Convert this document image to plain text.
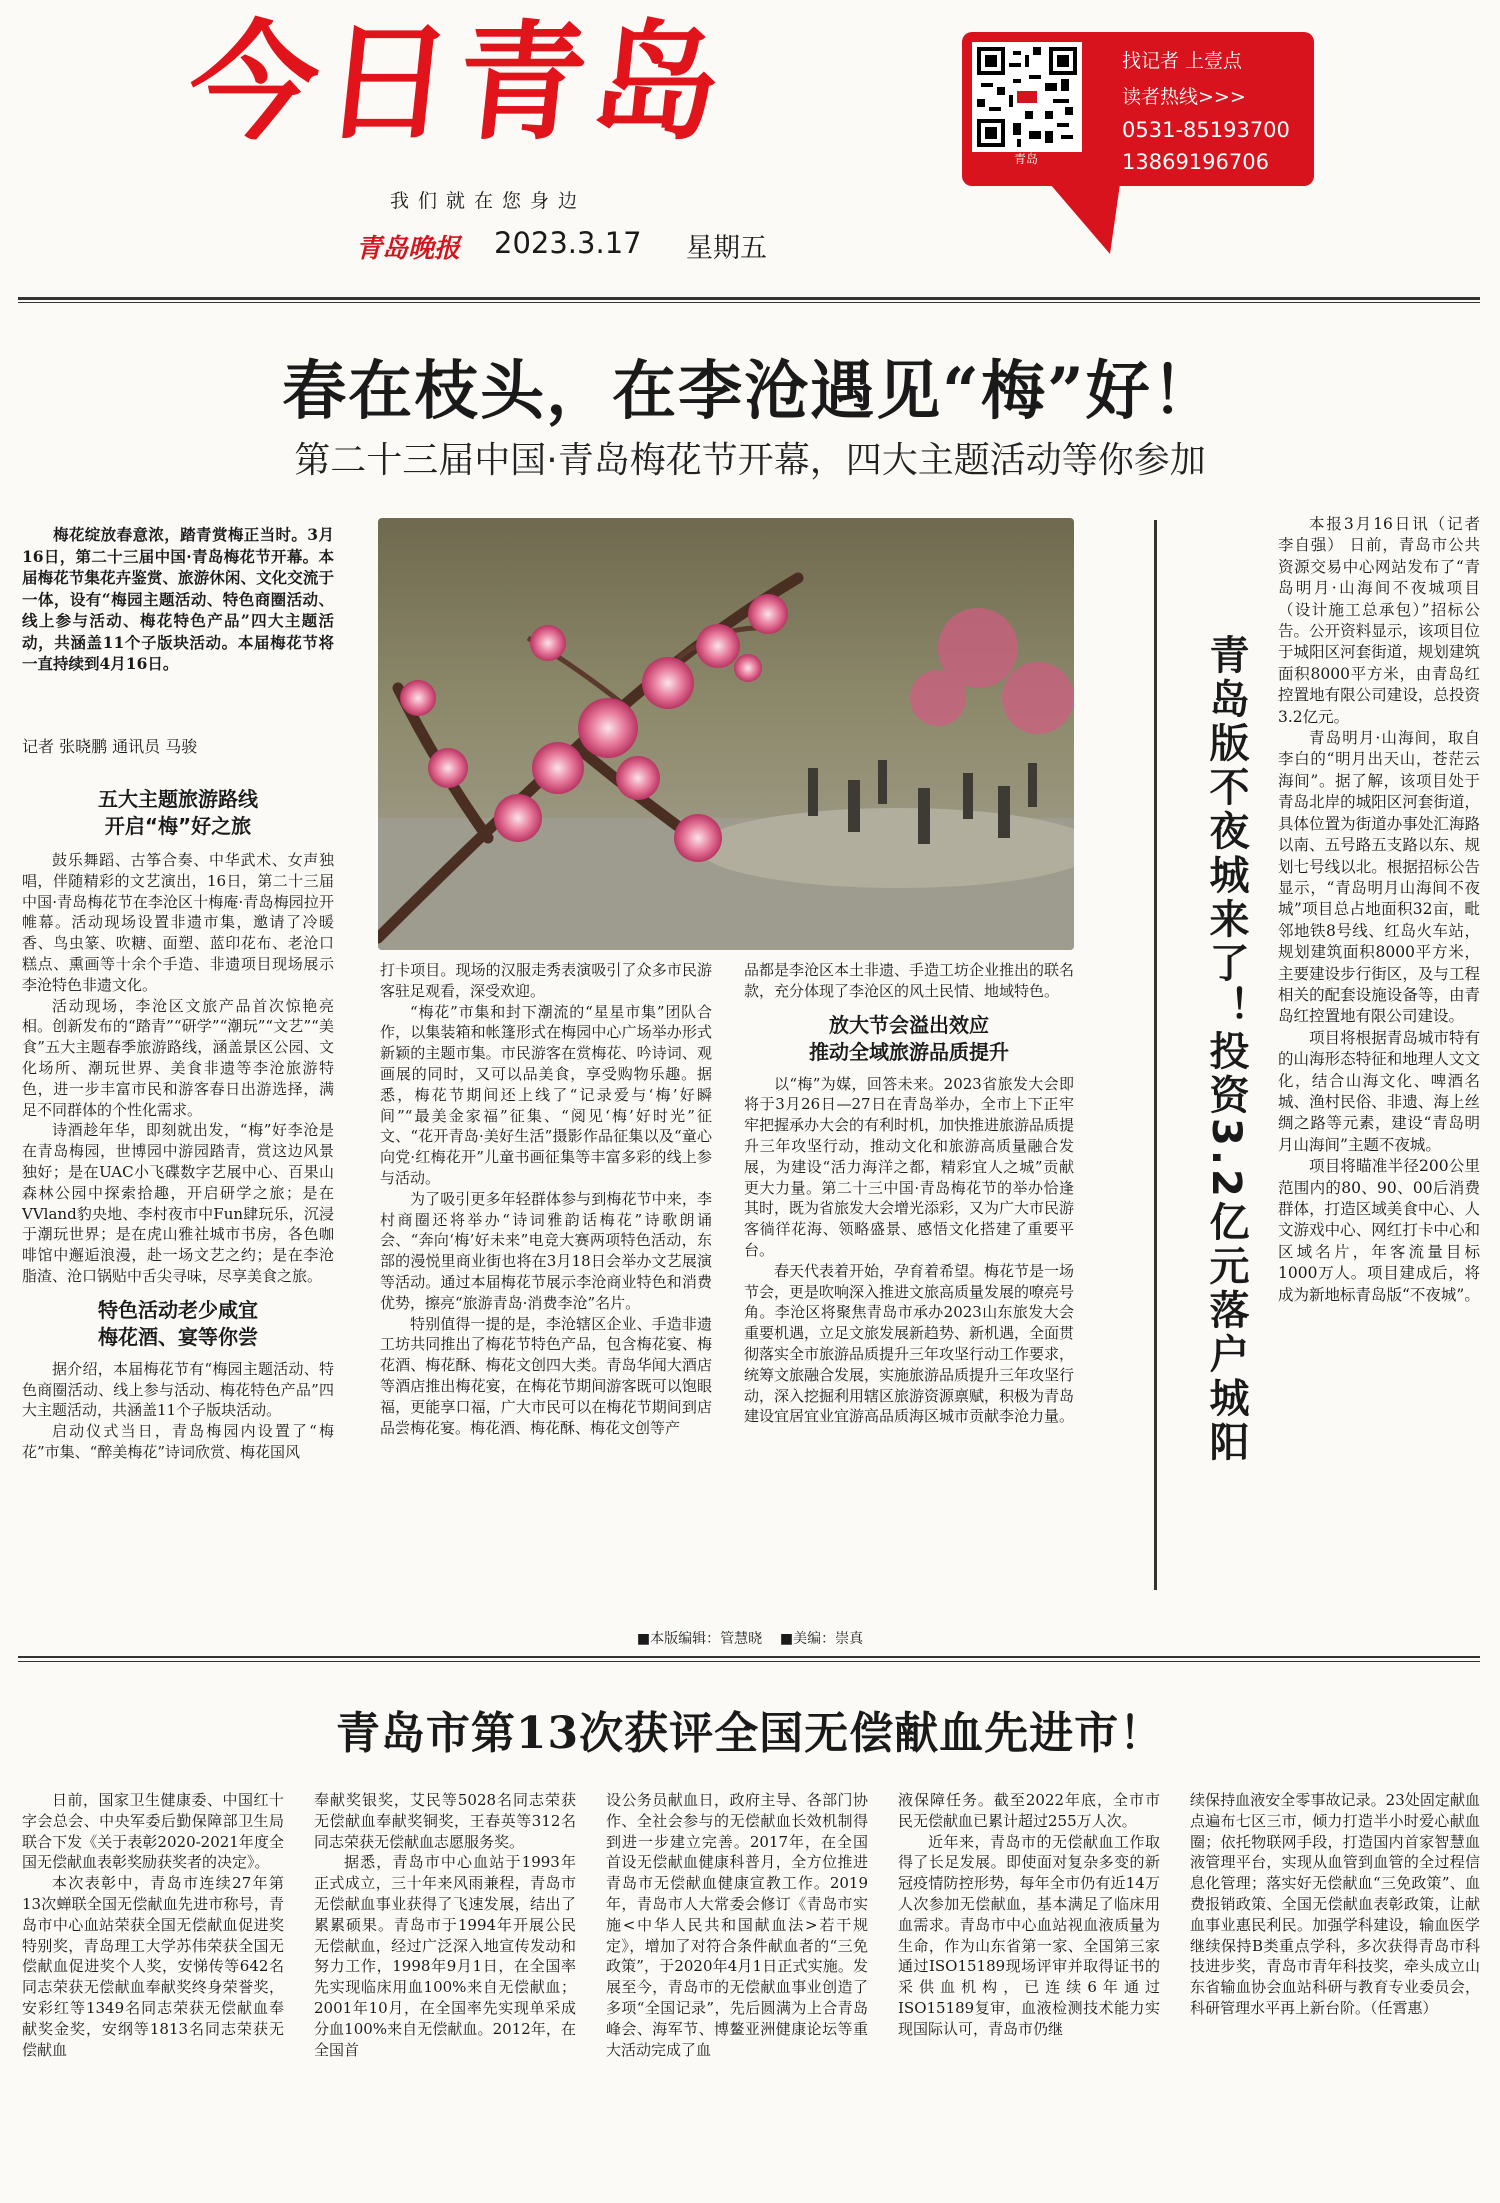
今日青岛
我们就在您身边
青岛晚报 2023.3.17 星期五
青岛
找记者 上壹点
读者热线>>>
0531-85193700
13869196706
春在枝头，在李沧遇见“梅”好！
第二十三届中国·青岛梅花节开幕，四大主题活动等你参加
梅花绽放春意浓，踏青赏梅正当时。3月16日，第二十三届中国·青岛梅花节开幕。本届梅花节集花卉鉴赏、旅游休闲、文化交流于一体，设有“梅园主题活动、特色商圈活动、线上参与活动、梅花特色产品”四大主题活动，共涵盖11个子版块活动。本届梅花节将一直持续到4月16日。
记者 张晓鹏 通讯员 马骏
五大主题旅游路线
开启“梅”好之旅

鼓乐舞蹈、古筝合奏、中华武术、女声独唱，伴随精彩的文艺演出，16日，第二十三届中国·青岛梅花节在李沧区十梅庵·青岛梅园拉开帷幕。活动现场设置非遗市集，邀请了冷暖香、鸟虫篆、吹糖、面塑、蓝印花布、老沧口糕点、熏画等十余个手造、非遗项目现场展示李沧特色非遗文化。

活动现场，李沧区文旅产品首次惊艳亮相。创新发布的“踏青”“研学”“潮玩”“文艺”“美食”五大主题春季旅游路线，涵盖景区公园、文化场所、潮玩世界、美食非遗等李沧旅游特色，进一步丰富市民和游客春日出游选择，满足不同群体的个性化需求。

诗酒趁年华，即刻就出发，“梅”好李沧是在青岛梅园，世博园中游园踏青，赏这边风景独好；是在UAC小飞碟数字艺展中心、百果山森林公园中探索拾趣，开启研学之旅；是在VVland豹央地、李村夜市中Fun肆玩乐，沉浸于潮玩世界；是在虎山雅社城市书房，各色咖啡馆中邂逅浪漫，赴一场文艺之约；是在李沧脂渣、沧口锅贴中舌尖寻味，尽享美食之旅。

特色活动老少咸宜
梅花酒、宴等你尝

据介绍，本届梅花节有“梅园主题活动、特色商圈活动、线上参与活动、梅花特色产品”四大主题活动，共涵盖11个子版块活动。

启动仪式当日，青岛梅园内设置了“梅花”市集、“醉美梅花”诗词欣赏、梅花国风

打卡项目。现场的汉服走秀表演吸引了众多市民游客驻足观看，深受欢迎。

“梅花”市集和封下潮流的“星星市集”团队合作，以集装箱和帐篷形式在梅园中心广场举办形式新颖的主题市集。市民游客在赏梅花、吟诗词、观画展的同时，又可以品美食，享受购物乐趣。据悉，梅花节期间还上线了“记录爱与‘梅’好瞬间”“最美金家福”征集、“阅见‘梅’好时光”征文、“花开青岛·美好生活”摄影作品征集以及“童心向党·红梅花开”儿童书画征集等丰富多彩的线上参与活动。

为了吸引更多年轻群体参与到梅花节中来，李村商圈还将举办“诗词雅韵话梅花”诗歌朗诵会、“奔向‘梅’好未来”电竞大赛两项特色活动，东部的漫悦里商业街也将在3月18日会举办文艺展演等活动。通过本届梅花节展示李沧商业特色和消费优势，擦亮“旅游青岛·消费李沧”名片。

特别值得一提的是，李沧辖区企业、手造非遗工坊共同推出了梅花节特色产品，包含梅花宴、梅花酒、梅花酥、梅花文创四大类。青岛华闻大酒店等酒店推出梅花宴，在梅花节期间游客既可以饱眼福，更能享口福，广大市民可以在梅花节期间到店品尝梅花宴。梅花酒、梅花酥、梅花文创等产

品都是李沧区本土非遗、手造工坊企业推出的联名款，充分体现了李沧区的风土民情、地域特色。

放大节会溢出效应
推动全域旅游品质提升

以“梅”为媒，回答未来。2023省旅发大会即将于3月26日—27日在青岛举办，全市上下正牢牢把握承办大会的有利时机，加快推进旅游品质提升三年攻坚行动，推动文化和旅游高质量融合发展，为建设“活力海洋之都，精彩宜人之城”贡献更大力量。第二十三中国·青岛梅花节的举办恰逢其时，既为省旅发大会增光添彩，又为广大市民游客徜徉花海、领略盛景、感悟文化搭建了重要平台。

春天代表着开始，孕育着希望。梅花节是一场节会，更是吹响深入推进文旅高质量发展的嘹亮号角。李沧区将聚焦青岛市承办2023山东旅发大会重要机遇，立足文旅发展新趋势、新机遇，全面贯彻落实全市旅游品质提升三年攻坚行动工作要求，统筹文旅融合发展，实施旅游品质提升三年攻坚行动，深入挖掘利用辖区旅游资源禀赋，积极为青岛建设宜居宜业宜游高品质海区城市贡献李沧力量。	青岛版不夜城来了！投资3.2亿元落户城阳

本报3月16日讯（记者 李自强） 日前，青岛市公共资源交易中心网站发布了“青岛明月·山海间不夜城项目（设计施工总承包）”招标公告。公开资料显示，该项目位于城阳区河套街道，规划建筑面积8000平方米，由青岛红控置地有限公司建设，总投资3.2亿元。

青岛明月·山海间，取自李白的“明月出天山，苍茫云海间”。据了解，该项目处于青岛北岸的城阳区河套街道，具体位置为街道办事处汇海路以南、五号路五支路以东、规划七号线以北。根据招标公告显示，“青岛明月山海间不夜城”项目总占地面积32亩，毗邻地铁8号线、红岛火车站，规划建筑面积8000平方米，主要建设步行街区，及与工程相关的配套设施设备等，由青岛红控置地有限公司建设。

项目将根据青岛城市特有的山海形态特征和地理人文文化，结合山海文化、啤酒名城、渔村民俗、非遗、海上丝绸之路等元素，建设“青岛明月山海间”主题不夜城。

项目将瞄准半径200公里范围内的80、90、00后消费群体，打造区域美食中心、人文游戏中心、网红打卡中心和区域名片，年客流量目标1000万人。项目建成后，将成为新地标青岛版“不夜城”。

■本版编辑：管慧晓 ■美编：崇真
青岛市第13次获评全国无偿献血先进市！

日前，国家卫生健康委、中国红十字会总会、中央军委后勤保障部卫生局联合下发《关于表彰2020-2021年度全国无偿献血表彰奖励获奖者的决定》。

本次表彰中，青岛市连续27年第13次蝉联全国无偿献血先进市称号，青岛市中心血站荣获全国无偿献血促进奖特别奖，青岛理工大学苏伟荣获全国无偿献血促进奖个人奖，安悌传等642名同志荣获无偿献血奉献奖终身荣誉奖，安彩红等1349名同志荣获无偿献血奉献奖金奖，安纲等1813名同志荣获无偿献血

奉献奖银奖，艾民等5028名同志荣获无偿献血奉献奖铜奖，王春英等312名同志荣获无偿献血志愿服务奖。

据悉，青岛市中心血站于1993年正式成立，三十年来风雨兼程，青岛市无偿献血事业获得了飞速发展，结出了累累硕果。青岛市于1994年开展公民无偿献血，经过广泛深入地宣传发动和努力工作，1998年9月1日，在全国率先实现临床用血100%来自无偿献血；2001年10月，在全国率先实现单采成分血100%来自无偿献血。2012年，在全国首

设公务员献血日，政府主导、各部门协作、全社会参与的无偿献血长效机制得到进一步建立完善。2017年，在全国首设无偿献血健康科普月，全方位推进青岛市无偿献血健康宣教工作。2019年，青岛市人大常委会修订《青岛市实施<中华人民共和国献血法>若干规定》，增加了对符合条件献血者的“三免政策”，于2020年4月1日正式实施。发展至今，青岛市的无偿献血事业创造了多项“全国记录”，先后圆满为上合青岛峰会、海军节、博鳌亚洲健康论坛等重大活动完成了血

液保障任务。截至2022年底，全市市民无偿献血已累计超过255万人次。

近年来，青岛市的无偿献血工作取得了长足发展。即使面对复杂多变的新冠疫情防控形势，每年全市仍有近14万人次参加无偿献血，基本满足了临床用血需求。青岛市中心血站视血液质量为生命，作为山东省第一家、全国第三家通过ISO15189现场评审并取得证书的采供血机构，已连续6年通过ISO15189复审，血液检测技术能力实现国际认可，青岛市仍继

续保持血液安全零事故记录。23处固定献血点遍布七区三市，倾力打造半小时爱心献血圈；依托物联网手段，打造国内首家智慧血液管理平台，实现从血管到血管的全过程信息化管理；落实好无偿献血“三免政策”、血费报销政策、全国无偿献血表彰政策，让献血事业惠民利民。加强学科建设，输血医学继续保持B类重点学科，多次获得青岛市科技进步奖，青岛市青年科技奖，牵头成立山东省输血协会血站科研与教育专业委员会，科研管理水平再上新台阶。（任霄惠）
